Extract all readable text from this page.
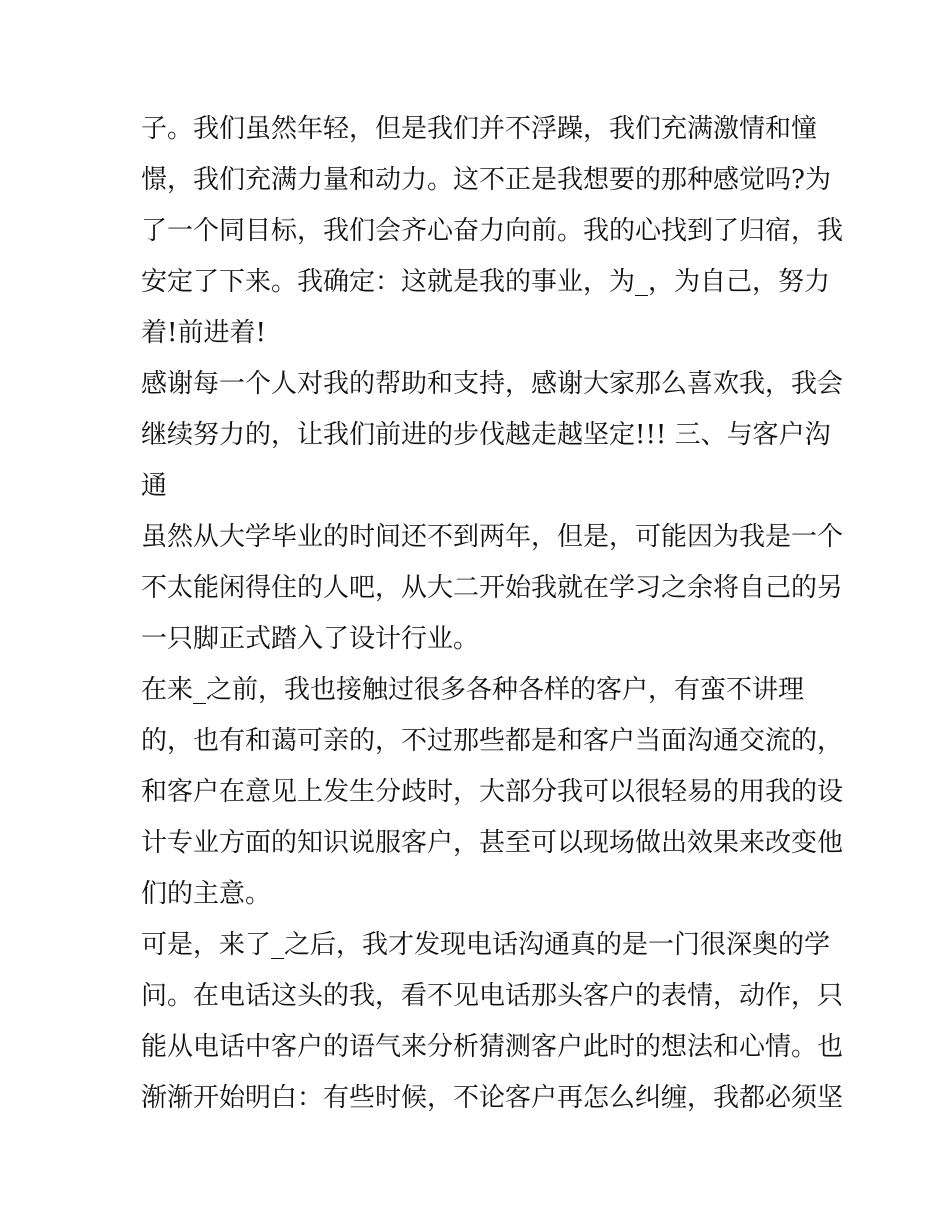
子。我们虽然年轻，但是我们并不浮躁，我们充满激情和憧
憬，我们充满力量和动力。这不正是我想要的那种感觉吗?为
了一个同目标，我们会齐心奋力向前。我的心找到了归宿，我
安定了下来。我确定：这就是我的事业，为_，为自己，努力
着!前进着!
感谢每一个人对我的帮助和支持，感谢大家那么喜欢我，我会
继续努力的，让我们前进的步伐越走越坚定!!! 三、与客户沟
通
虽然从大学毕业的时间还不到两年，但是，可能因为我是一个
不太能闲得住的人吧，从大二开始我就在学习之余将自己的另
一只脚正式踏入了设计行业。
在来_之前，我也接触过很多各种各样的客户，有蛮不讲理
的，也有和蔼可亲的，不过那些都是和客户当面沟通交流的，
和客户在意见上发生分歧时，大部分我可以很轻易的用我的设
计专业方面的知识说服客户，甚至可以现场做出效果来改变他
们的主意。
可是，来了_之后，我才发现电话沟通真的是一门很深奥的学
问。在电话这头的我，看不见电话那头客户的表情，动作，只
能从电话中客户的语气来分析猜测客户此时的想法和心情。也
渐渐开始明白：有些时候，不论客户再怎么纠缠，我都必须坚
